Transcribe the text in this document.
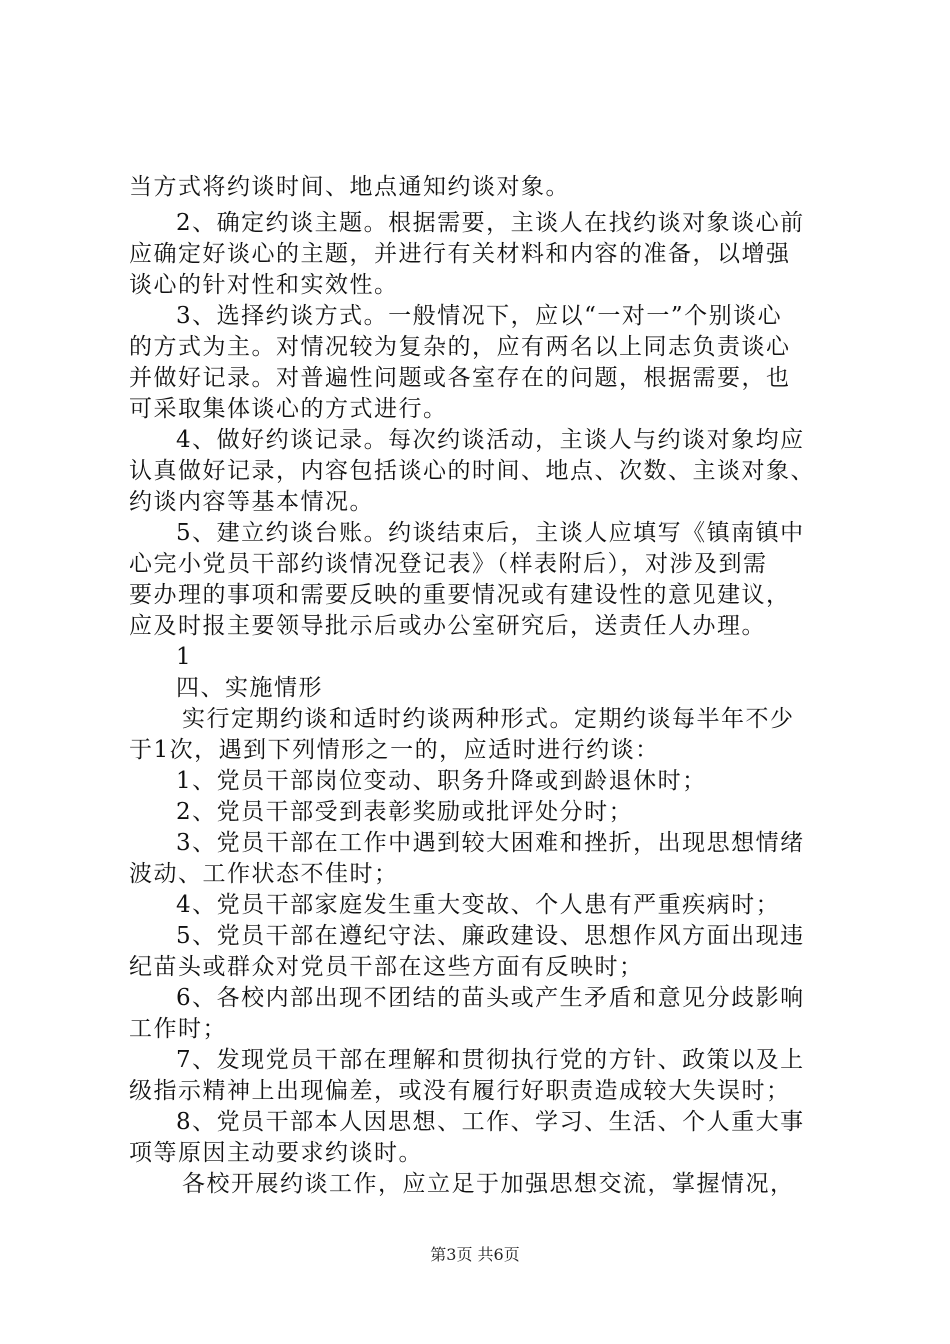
当方式将约谈时间、地点通知约谈对象。
2、确定约谈主题。根据需要，主谈人在找约谈对象谈心前
应确定好谈心的主题，并进行有关材料和内容的准备，以增强
谈心的针对性和实效性。
3、选择约谈方式。一般情况下，应以“一对一”个别谈心
的方式为主。对情况较为复杂的，应有两名以上同志负责谈心
并做好记录。对普遍性问题或各室存在的问题，根据需要，也
可采取集体谈心的方式进行。
4、做好约谈记录。每次约谈活动，主谈人与约谈对象均应
认真做好记录，内容包括谈心的时间、地点、次数、主谈对象、
约谈内容等基本情况。
5、建立约谈台账。约谈结束后，主谈人应填写《镇南镇中
心完小党员干部约谈情况登记表》（样表附后），对涉及到需
要办理的事项和需要反映的重要情况或有建设性的意见建议，
应及时报主要领导批示后或办公室研究后，送责任人办理。
1
四、实施情形
实行定期约谈和适时约谈两种形式。定期约谈每半年不少
于1次，遇到下列情形之一的，应适时进行约谈：
1、党员干部岗位变动、职务升降或到龄退休时；
2、党员干部受到表彰奖励或批评处分时；
3、党员干部在工作中遇到较大困难和挫折，出现思想情绪
波动、工作状态不佳时；
4、党员干部家庭发生重大变故、个人患有严重疾病时；
5、党员干部在遵纪守法、廉政建设、思想作风方面出现违
纪苗头或群众对党员干部在这些方面有反映时；
6、各校内部出现不团结的苗头或产生矛盾和意见分歧影响
工作时；
7、发现党员干部在理解和贯彻执行党的方针、政策以及上
级指示精神上出现偏差，或没有履行好职责造成较大失误时；
8、党员干部本人因思想、工作、学习、生活、个人重大事
项等原因主动要求约谈时。
各校开展约谈工作，应立足于加强思想交流，掌握情况，
第3页 共6页
